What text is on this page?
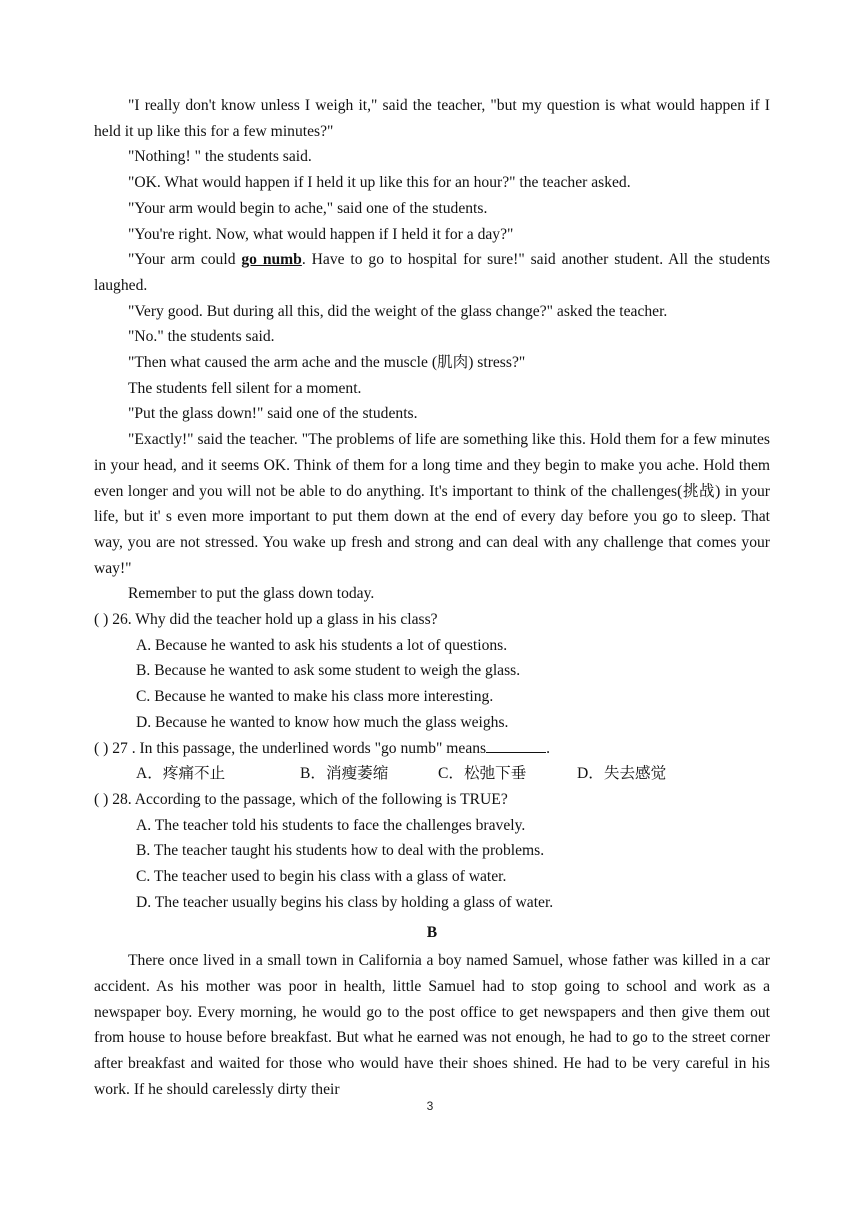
"I really don't know unless I weigh it," said the teacher, "but my question is what would happen if I held it up like this for a few minutes?"

"Nothing! " the students said.

"OK. What would happen if I held it up like this for an hour?" the teacher asked.

"Your arm would begin to ache," said one of the students.

"You're right. Now, what would happen if I held it for a day?"

"Your arm could go numb. Have to go to hospital for sure!" said another student. All the students laughed.

"Very good. But during all this, did the weight of the glass change?" asked the teacher.

"No." the students said.

"Then what caused the arm ache and the muscle (肌肉) stress?"

The students fell silent for a moment.

"Put the glass down!" said one of the students.

"Exactly!" said the teacher. "The problems of life are something like this. Hold them for a few minutes in your head, and it seems OK. Think of them for a long time and they begin to make you ache. Hold them even longer and you will not be able to do anything. It's important to think of the challenges(挑战) in your life, but it' s even more important to put them down at the end of every day before you go to sleep. That way, you are not stressed. You wake up fresh and strong and can deal with any challenge that comes your way!"

Remember to put the glass down today.

( ) 26. Why did the teacher hold up a glass in his class?

A. Because he wanted to ask his students a lot of questions.

B. Because he wanted to ask some student to weigh the glass.

C. Because he wanted to make his class more interesting.

D. Because he wanted to know how much the glass weighs.

( ) 27 . In this passage, the underlined words "go numb" means	.

A．疼痛不止	B．消瘦萎缩	C．松弛下垂	D．失去感觉

( ) 28. According to the passage, which of the following is TRUE?

A. The teacher told his students to face the challenges bravely.

B. The teacher taught his students how to deal with the problems.

C. The teacher used to begin his class with a glass of water.

D. The teacher usually begins his class by holding a glass of water.

B

There once lived in a small town in California a boy named Samuel, whose father was killed in a car accident. As his mother was poor in health, little Samuel had to stop going to school and work as a newspaper boy. Every morning, he would go to the post office to get newspapers and then give them out from house to house before breakfast. But what he earned was not enough, he had to go to the street corner after breakfast and waited for those who would have their shoes shined. He had to be very careful in his work. If he should carelessly dirty their

3
